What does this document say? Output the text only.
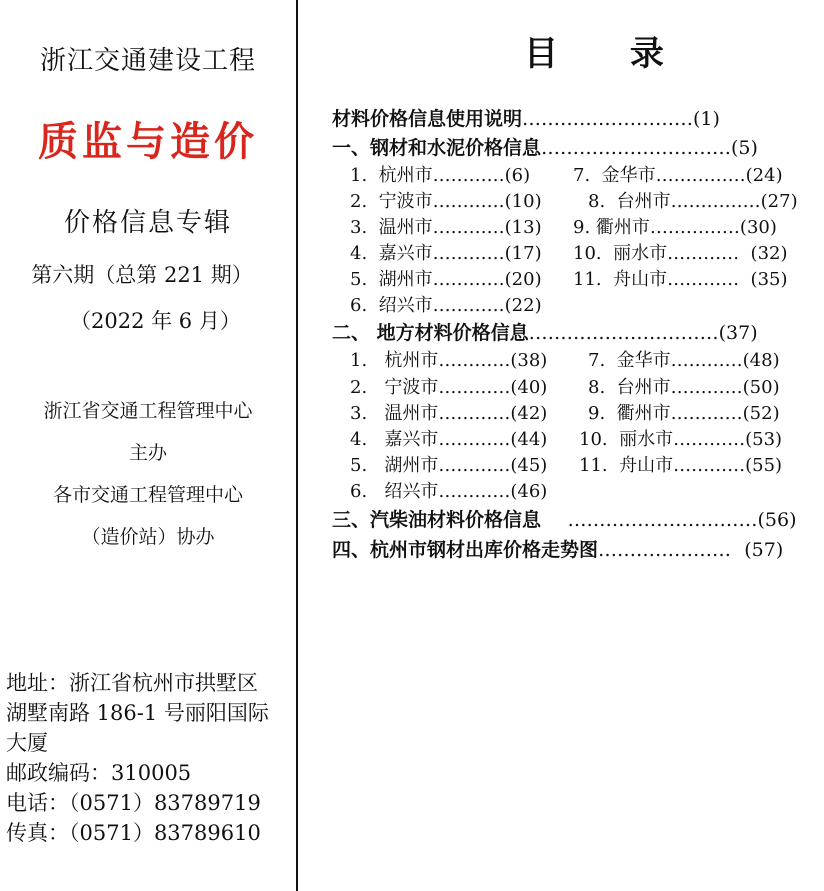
浙江交通建设工程
质监与造价
价格信息专辑
第六期（总第 221 期）
（2022 年 6 月）
浙江省交通工程管理中心
主办
各市交通工程管理中心
（造价站）协办
地址：浙江省杭州市拱墅区
湖墅南路 186-1 号丽阳国际
大厦
邮政编码：310005
电话：（0571）83789719
传真：（0571）83789610
目 录
材料价格信息使用说明………………………(1)
一、钢材和水泥价格信息…………………………(5)
1. 杭州市…………(6) 7. 金华市……………(24)
2. 宁波市…………(10)	8. 台州市……………(27)
3. 温州市…………(13) 9. 衢州市……………(30)
4. 嘉兴市…………(17) 10. 丽水市………… (32)
5. 湖州市…………(20) 11. 舟山市………… (35)
6. 绍兴市…………(22)
二、 地方材料价格信息…………………………(37)
1. 杭州市…………(38) 7. 金华市…………(48)
2. 宁波市…………(40) 8. 台州市…………(50)
3. 温州市…………(42) 9. 衢州市…………(52)
4. 嘉兴市…………(44) 10. 丽水市…………(53)
5. 湖州市…………(45) 11. 舟山市…………(55)
6. 绍兴市…………(46)
三、汽柴油材料价格信息 …………………………(56)
四、杭州市钢材出库价格走势图………………… (57)
